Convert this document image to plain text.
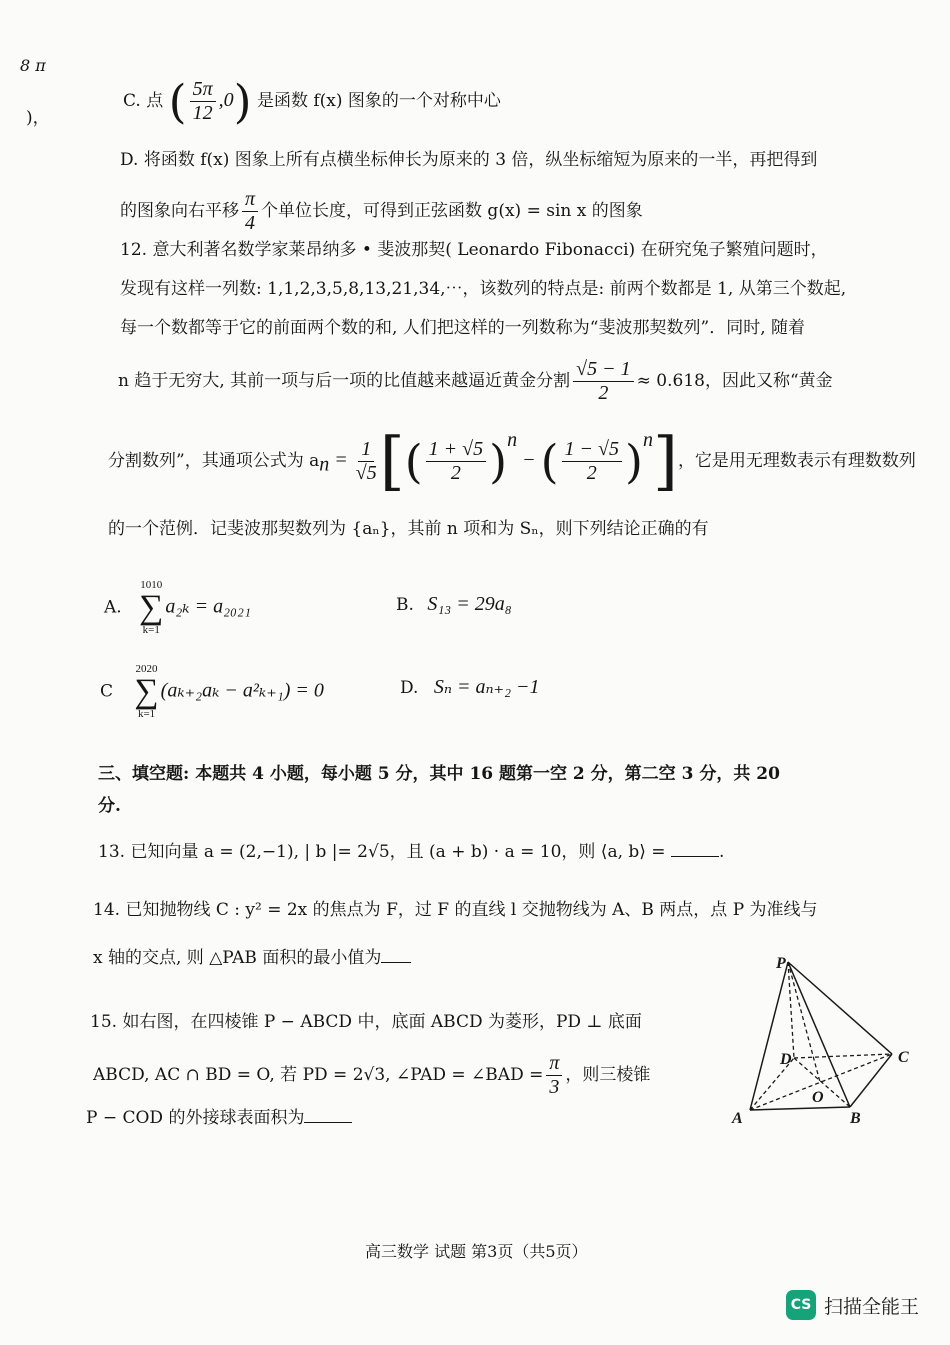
8 π
)，
C. 点 ( $\frac{5\pi}{12} ,0$) 是函数 f(x) 图象的一个对称中心
D. 将函数 f(x) 图象上所有点横坐标伸长为原来的 3 倍，纵坐标缩短为原来的一半，再把得到
的图象向右平移 $\frac{\pi}{4}$ 个单位长度，可得到正弦函数 g(x) = sin x 的图象
12. 意大利著名数学家莱昂纳多 • 斐波那契( Leonardo Fibonacci) 在研究兔子繁殖问题时，
发现有这样一列数: 1,1,2,3,5,8,13,21,34,⋯，该数列的特点是: 前两个数都是 1, 从第三个数起,
每一个数都等于它的前面两个数的和, 人们把这样的一列数称为“斐波那契数列”．同时, 随着
n 趋于无穷大, 其前一项与后一项的比值越来越逼近黄金分割 $\frac{√5 - 1}{2} \approx 0.618$，因此又称“黄金
分割数列”，其通项公式为 $a_n = \frac{1}{√5}$ [( $\frac{1 + √5}{2} )^n$ − ( $\frac{1 - √5}{2} )^n$]，它是用无理数表示有理数数列
的一个范例．记斐波那契数列为 {aₙ}，其前 n 项和为 Sₙ，则下列结论正确的有
A.
1010
∑
k=1
a₂ₖ = a₂₀₂₁	B. S₁₃ = 29a₈
C
2020
∑
k=1
(aₖ₊₂aₖ − a²ₖ₊₁) = 0	D. Sₙ = aₙ₊₂ −1
三、填空题: 本题共 4 小题，每小题 5 分，其中 16 题第一空 2 分，第二空 3 分，共 20
分.
13. 已知向量 a = (2,−1), | b |= 2√5，且 (a + b) · a = 10，则 ⟨a, b⟩ =	.
14. 已知抛物线 C : y² = 2x 的焦点为 F，过 F 的直线 l 交抛物线为 A、B 两点，点 P 为准线与
x 轴的交点, 则 △PAB 面积的最小值为
15. 如右图，在四棱锥 P − ABCD 中，底面 ABCD 为菱形，PD ⊥ 底面
ABCD, AC ∩ BD = O, 若 PD = 2√3, ∠PAD = ∠BAD = $\frac{\pi}{3}$ ，则三棱锥
P − COD 的外接球表面积为
P
D	C
O
A	B
高三数学 试题 第3页（共5页）
CS 扫描全能王
